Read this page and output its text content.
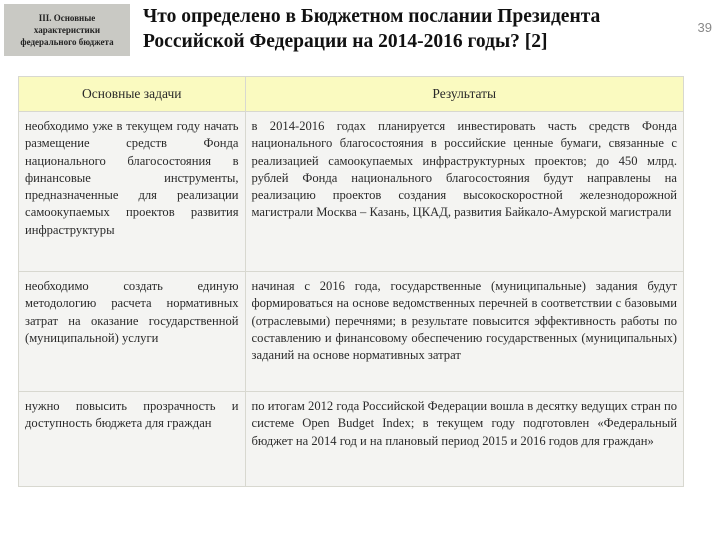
III. Основные характеристики федерального бюджета
Что определено в Бюджетном послании Президента Российской Федерации на 2014-2016 годы? [2]
39
Основные задачи	Результаты
необходимо уже в текущем году начать размещение средств Фонда национального благосостояния в финансовые инструменты, предназначенные для реализации самоокупаемых проектов развития инфраструктуры	в 2014-2016 годах планируется инвестировать часть средств Фонда национального благосостояния в российские ценные бумаги, связанные с реализацией самоокупаемых инфраструктурных проектов; до 450 млрд. рублей Фонда национального благосостояния будут направлены на реализацию проектов создания высокоскоростной железнодорожной магистрали Москва – Казань, ЦКАД, развития Байкало-Амурской магистрали
необходимо создать единую методологию расчета нормативных затрат на оказание государственной (муниципальной) услуги	начиная с 2016 года, государственные (муниципальные) задания будут формироваться на основе ведомственных перечней в соответствии с базовыми (отраслевыми) перечнями; в результате повысится эффективность работы по составлению и финансовому обеспечению государственных (муниципальных) заданий на основе нормативных затрат
нужно повысить прозрачность и доступность бюджета для граждан	по итогам 2012 года Российской Федерации вошла в десятку ведущих стран по системе Open Budget Index; в текущем году подготовлен «Федеральный бюджет на 2014 год и на плановый период 2015 и 2016 годов для граждан»
